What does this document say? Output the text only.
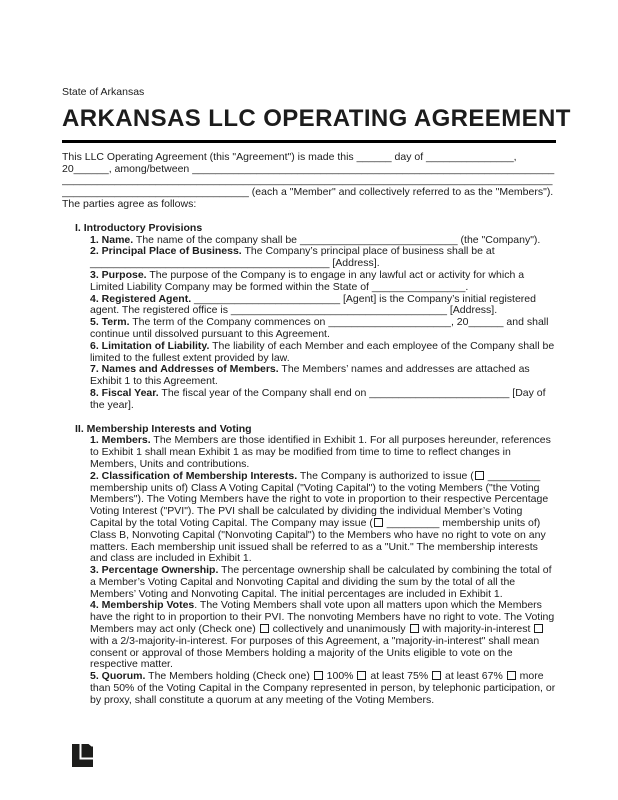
State of Arkansas
ARKANSAS LLC OPERATING AGREEMENT
This LLC Operating Agreement (this "Agreement") is made this ______ day of _______________,
20______, among/between ______________________________________________________________
____________________________________________________________________________________
________________________________ (each a "Member" and collectively referred to as the "Members").
The parties agree as follows:
I. Introductory Provisions

1. Name. The name of the company shall be ___________________________ (the "Company").

2. Principal Place of Business. The Company’s principal place of business shall be at _________________________________________ [Address].

3. Purpose. The purpose of the Company is to engage in any lawful act or activity for which a Limited Liability Company may be formed within the State of ________________.

4. Registered Agent. _________________________ [Agent] is the Company’s initial registered agent. The registered office is _____________________________________ [Address].

5. Term. The term of the Company commences on _____________________, 20______ and shall continue until dissolved pursuant to this Agreement.

6. Limitation of Liability. The liability of each Member and each employee of the Company shall be limited to the fullest extent provided by law.

7. Names and Addresses of Members. The Members’ names and addresses are attached as Exhibit 1 to this Agreement.

8. Fiscal Year. The fiscal year of the Company shall end on ________________________ [Day of the year].

II. Membership Interests and Voting

1. Members. The Members are those identified in Exhibit 1. For all purposes hereunder, references to Exhibit 1 shall mean Exhibit 1 as may be modified from time to time to reflect changes in Members, Units and contributions.

2. Classification of Membership Interests. The Company is authorized to issue ( _________ membership units of) Class A Voting Capital ("Voting Capital") to the voting Members ("the Voting Members"). The Voting Members have the right to vote in proportion to their respective Percentage Voting Interest ("PVI"). The PVI shall be calculated by dividing the individual Member’s Voting Capital by the total Voting Capital. The Company may issue ( _________ membership units of) Class B, Nonvoting Capital ("Nonvoting Capital") to the Members who have no right to vote on any matters. Each membership unit issued shall be referred to as a "Unit." The membership interests and class are included in Exhibit 1.

3. Percentage Ownership. The percentage ownership shall be calculated by combining the total of a Member’s Voting Capital and Nonvoting Capital and dividing the sum by the total of all the Members’ Voting and Nonvoting Capital. The initial percentages are included in Exhibit 1.

4. Membership Votes. The Voting Members shall vote upon all matters upon which the Members have the right to in proportion to their PVI. The nonvoting Members have no right to vote. The Voting Members may act only (Check one)  collectively and unanimously  with majority-in-interest  with a 2/3-majority-in-interest. For purposes of this Agreement, a "majority-in-interest" shall mean consent or approval of those Members holding a majority of the Units eligible to vote on the respective matter.

5. Quorum. The Members holding (Check one)  100%  at least 75%  at least 67%  more than 50% of the Voting Capital in the Company represented in person, by telephonic participation, or by proxy, shall constitute a quorum at any meeting of the Voting Members.
